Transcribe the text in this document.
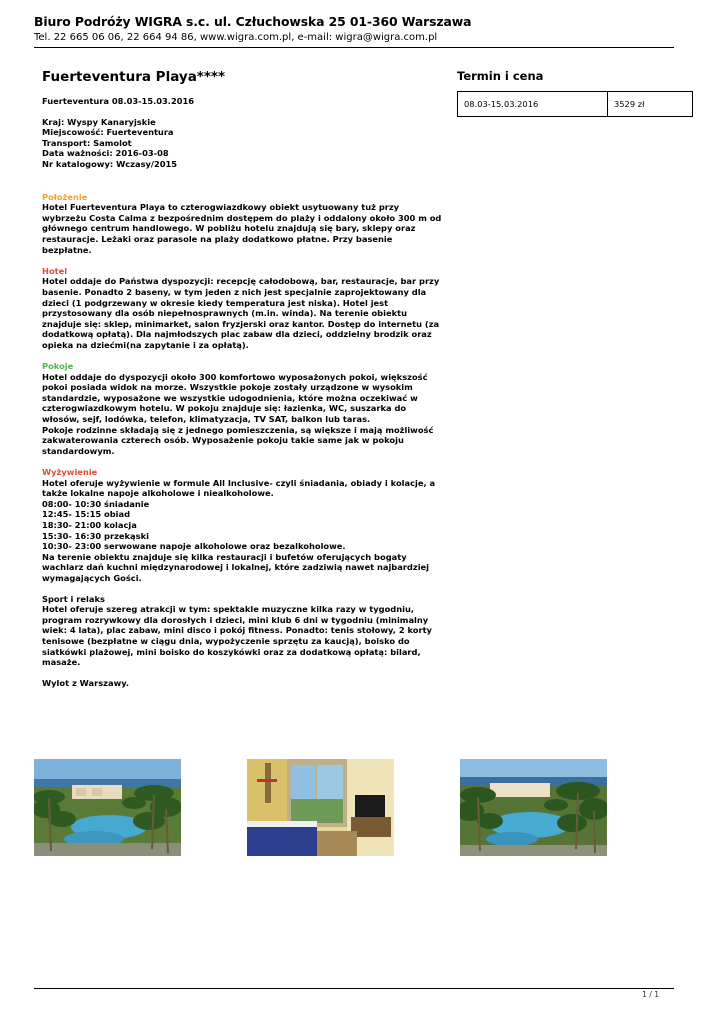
Biuro Podróży WIGRA s.c. ul. Człuchowska 25 01-360 Warszawa
Tel. 22 665 06 06, 22 664 94 86, www.wigra.com.pl, e-mail: wigra@wigra.com.pl
Fuerteventura Playa****	Termin i cena
08.03-15.03.2016	3529 zł

Fuerteventura 08.03-15.03.2016

Kraj: Wyspy Kanaryjskie

Miejscowość: Fuerteventura

Transport: Samolot

Data ważności: 2016-03-08

Nr katalogowy: Wczasy/2015

Położenie

Hotel Fuerteventura Playa to czterogwiazdkowy obiekt usytuowany tuż przy wybrzeżu Costa Calma z bezpośrednim dostępem do plaży i oddalony około 300 m od głównego centrum handlowego. W pobliżu hotelu znajdują się bary, sklepy oraz restauracje. Leżaki oraz parasole na plaży dodatkowo płatne. Przy basenie bezpłatne.

Hotel

Hotel oddaje do Państwa dyspozycji: recepcję całodobową, bar, restauracje, bar przy basenie. Ponadto 2 baseny, w tym jeden z nich jest specjalnie zaprojektowany dla dzieci (1 podgrzewany w okresie kiedy temperatura jest niska). Hotel jest przystosowany dla osób niepełnosprawnych (m.in. winda). Na terenie obiektu znajduje się: sklep, minimarket, salon fryzjerski oraz kantor. Dostęp do internetu (za dodatkową opłatą). Dla najmłodszych plac zabaw dla dzieci, oddzielny brodzik oraz opieka na dziećmi(na zapytanie i za opłatą).

Pokoje

Hotel oddaje do dyspozycji około 300 komfortowo wyposażonych pokoi, większość pokoi posiada widok na morze. Wszystkie pokoje zostały urządzone w wysokim standardzie, wyposażone we wszystkie udogodnienia, które można oczekiwać w czterogwiazdkowym hotelu. W pokoju znajduje się: łazienka, WC, suszarka do włosów, sejf, lodówka, telefon, klimatyzacja, TV SAT, balkon lub taras.

Pokoje rodzinne składają się z jednego pomieszczenia, są większe i mają możliwość zakwaterowania czterech osób. Wyposażenie pokoju takie same jak w pokoju standardowym.

Wyżywienie

Hotel oferuje wyżywienie w formule All Inclusive- czyli śniadania, obiady i kolacje, a także lokalne napoje alkoholowe i niealkoholowe.

08:00- 10:30 śniadanie

12:45- 15:15 obiad

18:30- 21:00 kolacja

15:30- 16:30 przekąski

10:30- 23:00 serwowane napoje alkoholowe oraz bezalkoholowe.

Na terenie obiektu znajduje się kilka restauracji i bufetów oferujących bogaty wachlarz dań kuchni międzynarodowej i lokalnej, które zadziwią nawet najbardziej wymagających Gości.

Sport i relaks

Hotel oferuje szereg atrakcji w tym: spektakle muzyczne kilka razy w tygodniu, program rozrywkowy dla dorosłych i dzieci, mini klub 6 dni w tygodniu (minimalny wiek: 4 lata), plac zabaw, mini disco i pokój fitness. Ponadto: tenis stołowy, 2 korty tenisowe (bezpłatne w ciągu dnia, wypożyczenie sprzętu za kaucją), boisko do siatkówki plażowej, mini boisko do koszykówki oraz za dodatkową opłatą: bilard, masaże.

Wylot z Warszawy.

1 / 1
